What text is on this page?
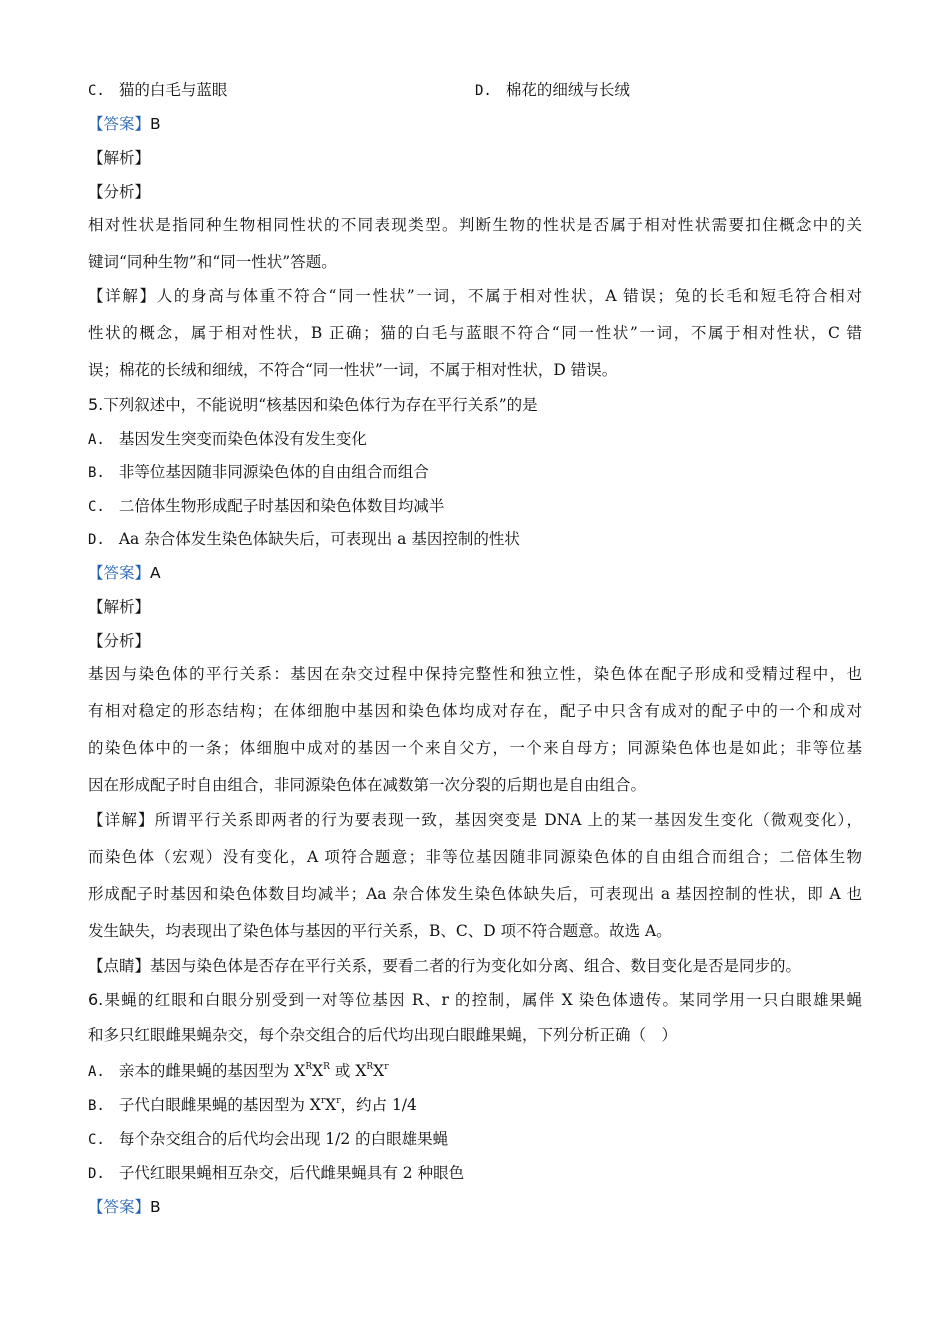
C. 猫的白毛与蓝眼	D. 棉花的细绒与长绒
【答案】B
【解析】
【分析】
相对性状是指同种生物相同性状的不同表现类型。判断生物的性状是否属于相对性状需要扣住概念中的关
键词“同种生物”和“同一性状”答题。
【详解】人的身高与体重不符合“同一性状”一词，不属于相对性状，A 错误；兔的长毛和短毛符合相对
性状的概念，属于相对性状，B 正确；猫的白毛与蓝眼不符合“同一性状”一词，不属于相对性状，C 错
误；棉花的长绒和细绒，不符合“同一性状”一词，不属于相对性状，D 错误。
5.下列叙述中，不能说明“核基因和染色体行为存在平行关系”的是
A. 基因发生突变而染色体没有发生变化
B. 非等位基因随非同源染色体的自由组合而组合
C. 二倍体生物形成配子时基因和染色体数目均减半
D. Aa 杂合体发生染色体缺失后，可表现出 a 基因控制的性状
【答案】A
【解析】
【分析】
基因与染色体的平行关系：基因在杂交过程中保持完整性和独立性，染色体在配子形成和受精过程中，也
有相对稳定的形态结构；在体细胞中基因和染色体均成对存在，配子中只含有成对的配子中的一个和成对
的染色体中的一条；体细胞中成对的基因一个来自父方，一个来自母方；同源染色体也是如此；非等位基
因在形成配子时自由组合，非同源染色体在减数第一次分裂的后期也是自由组合。
【详解】所谓平行关系即两者的行为要表现一致，基因突变是 DNA 上的某一基因发生变化（微观变化），
而染色体（宏观）没有变化，A 项符合题意；非等位基因随非同源染色体的自由组合而组合；二倍体生物
形成配子时基因和染色体数目均减半；Aa 杂合体发生染色体缺失后，可表现出 a 基因控制的性状，即 A 也
发生缺失，均表现出了染色体与基因的平行关系，B、C、D 项不符合题意。故选 A。
【点睛】基因与染色体是否存在平行关系，要看二者的行为变化如分离、组合、数目变化是否是同步的。
6.果蝇的红眼和白眼分别受到一对等位基因 R、r 的控制，属伴 X 染色体遗传。某同学用一只白眼雄果蝇
和多只红眼雌果蝇杂交，每个杂交组合的后代均出现白眼雌果蝇，下列分析正确（　）
A. 亲本的雌果蝇的基因型为 $X^RX^R$ 或 $X^RX^r$
B. 子代白眼雌果蝇的基因型为 $X^rX^r$，约占 1/4
C. 每个杂交组合的后代均会出现 1/2 的白眼雄果蝇
D. 子代红眼果蝇相互杂交，后代雌果蝇具有 2 种眼色
【答案】B
